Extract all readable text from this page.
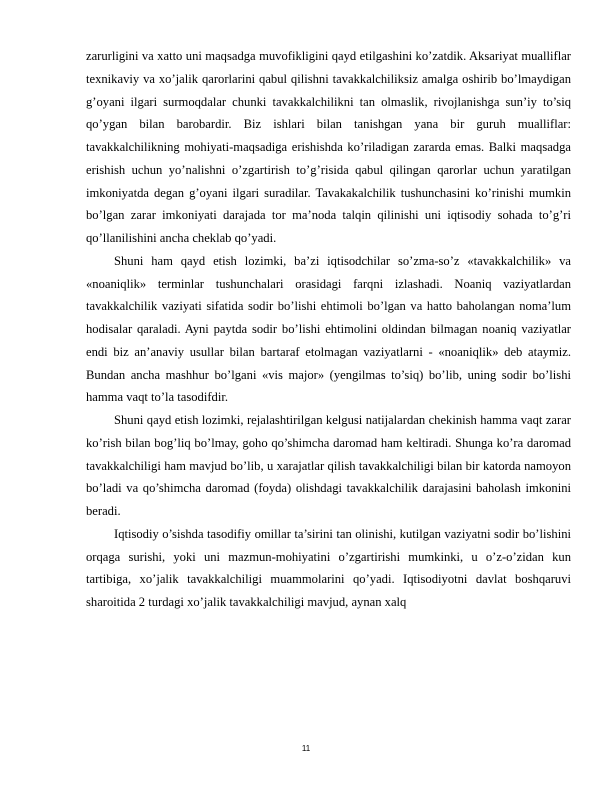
zarurligini va xatto uni maqsadga muvofikligini qayd etilgashini ko’zatdik. Aksariyat mualliflar texnikaviy va xo’jalik qarorlarini qabul qilishni tavakkalchiliksiz amalga oshirib bo’lmaydigan g’oyani ilgari surmoqdalar chunki tavakkalchilikni tan olmaslik, rivojlanishga sun’iy to’siq qo’ygan bilan barobardir. Biz ishlari bilan tanishgan yana bir guruh mualliflar: tavakkalchilikning mohiyati-maqsadiga erishishda ko’riladigan zararda emas. Balki maqsadga erishish uchun yo’nalishni o’zgartirish to’g’risida qabul qilingan qarorlar uchun yaratilgan imkoniyatda degan g’oyani ilgari suradilar. Tavakakalchilik tushunchasini ko’rinishi mumkin bo’lgan zarar imkoniyati darajada tor ma’noda talqin qilinishi uni iqtisodiy sohada to’g’ri qo’llanilishini ancha cheklab qo’yadi.

Shuni ham qayd etish lozimki, ba’zi iqtisodchilar so’zma-so’z «tavakkalchilik» va «noaniqlik» terminlar tushunchalari orasidagi farqni izlashadi. Noaniq vaziyatlardan tavakkalchilik vaziyati sifatida sodir bo’lishi ehtimoli bo’lgan va hatto baholangan noma’lum hodisalar qaraladi. Ayni paytda sodir bo’lishi ehtimolini oldindan bilmagan noaniq vaziyatlar endi biz an’anaviy usullar bilan bartaraf etolmagan vaziyatlarni - «noaniqlik» deb ataymiz. Bundan ancha mashhur bo’lgani «vis major» (yengilmas to’siq) bo’lib, uning sodir bo’lishi hamma vaqt to’la tasodifdir.

Shuni qayd etish lozimki, rejalashtirilgan kelgusi natijalardan chekinish hamma vaqt zarar ko’rish bilan bog’liq bo’lmay, goho qo’shimcha daromad ham keltiradi. Shunga ko’ra daromad tavakkalchiligi ham mavjud bo’lib, u xarajatlar qilish tavakkalchiligi bilan bir katorda namoyon bo’ladi va qo’shimcha daromad (foyda) olishdagi tavakkalchilik darajasini baholash imkonini beradi.

Iqtisodiy o’sishda tasodifiy omillar ta’sirini tan olinishi, kutilgan vaziyatni sodir bo’lishini orqaga surishi, yoki uni mazmun-mohiyatini o’zgartirishi mumkinki, u o’z-o’zidan kun tartibiga, xo’jalik tavakkalchiligi muammolarini qo’yadi. Iqtisodiyotni davlat boshqaruvi sharoitida 2 turdagi xo’jalik tavakkalchiligi mavjud, aynan xalq

11
